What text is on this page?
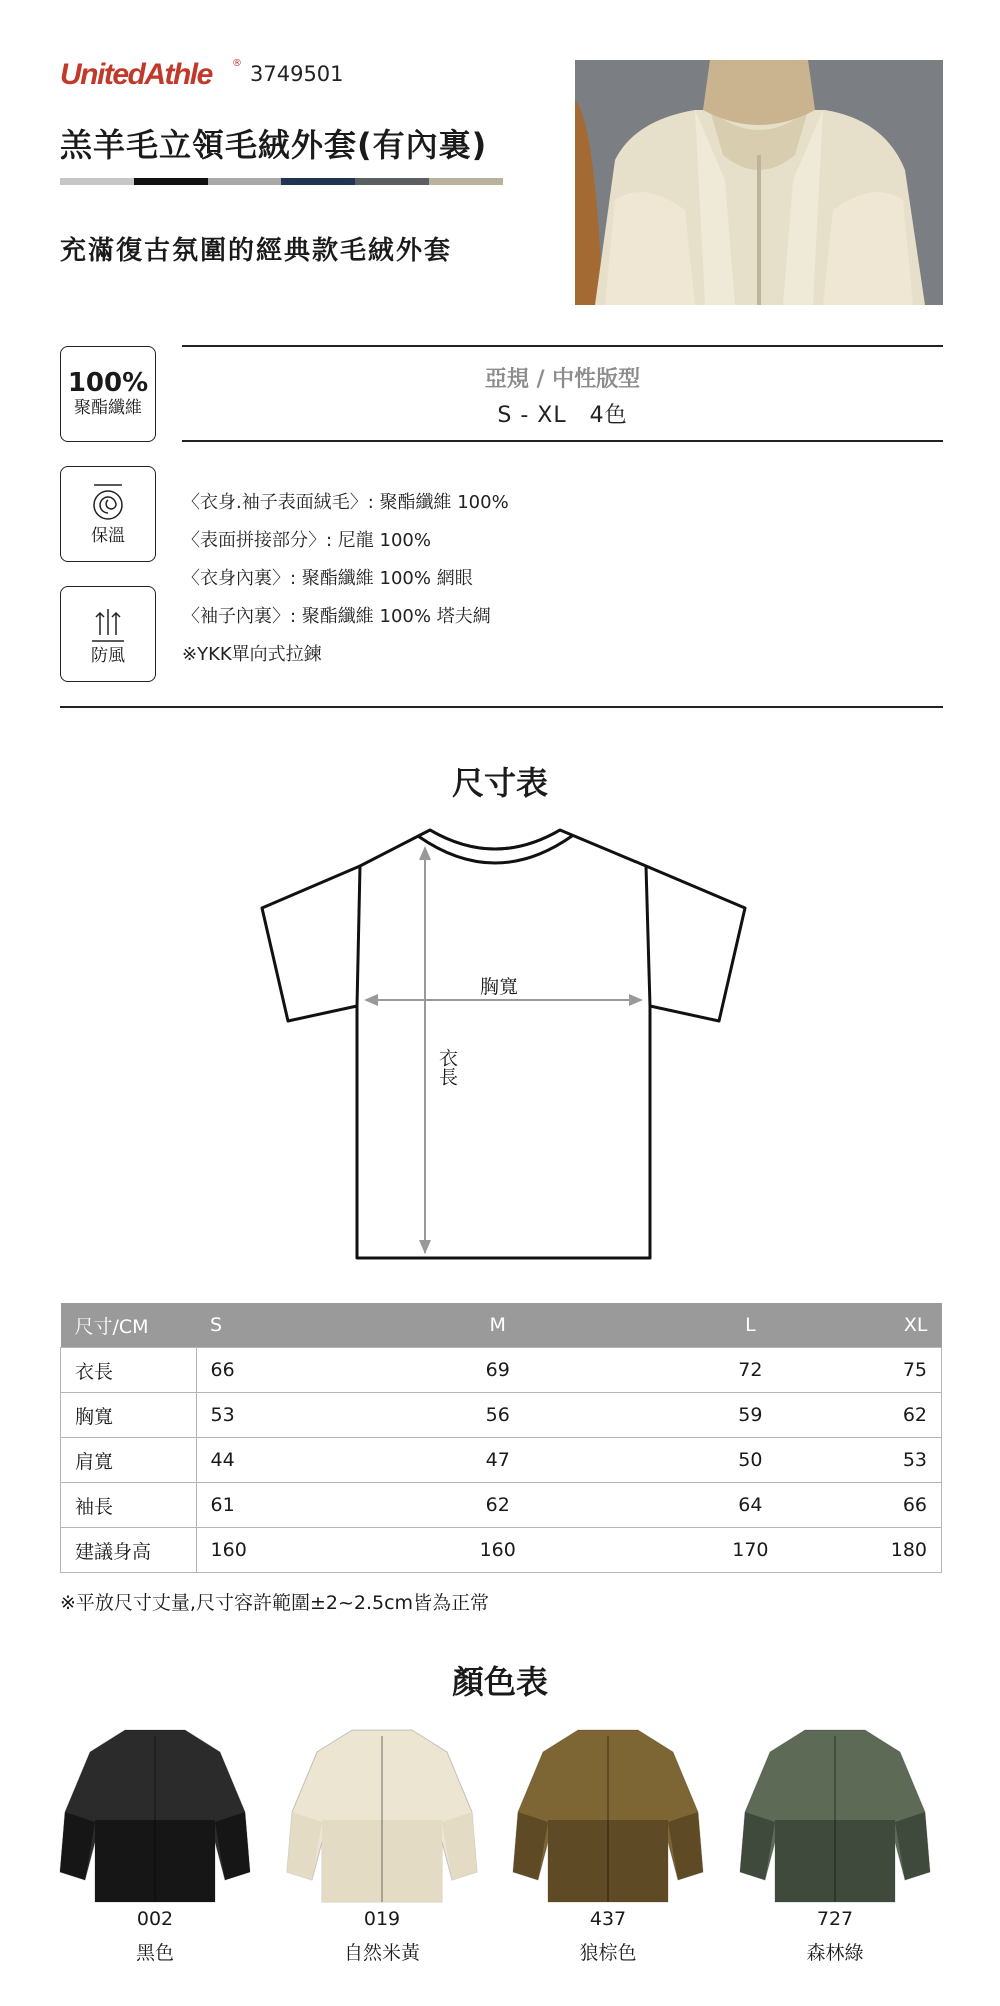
UnitedAthle ® 3749501
羔羊毛立領毛絨外套(有內裏)
充滿復古氛圍的經典款毛絨外套
100%
聚酯纖維
亞規 / 中性版型
S - XL　4色
保溫
防風
〈衣身.袖子表面絨毛〉: 聚酯纖維 100%
〈表面拼接部分〉: 尼龍 100%
〈衣身內裏〉: 聚酯纖維 100% 網眼
〈袖子內裏〉: 聚酯纖維 100% 塔夫綢
※YKK單向式拉鍊
尺寸表
胸寬
衣長
尺寸/CM	S	M	L	XL
衣長	66	69	72	75
胸寬	53	56	59	62
肩寬	44	47	50	53
袖長	61	62	64	66
建議身高	160	160	170	180
※平放尺寸丈量,尺寸容許範圍±2~2.5cm皆為正常
顏色表
002
黑色
019
自然米黃
437
狼棕色
727
森林綠
